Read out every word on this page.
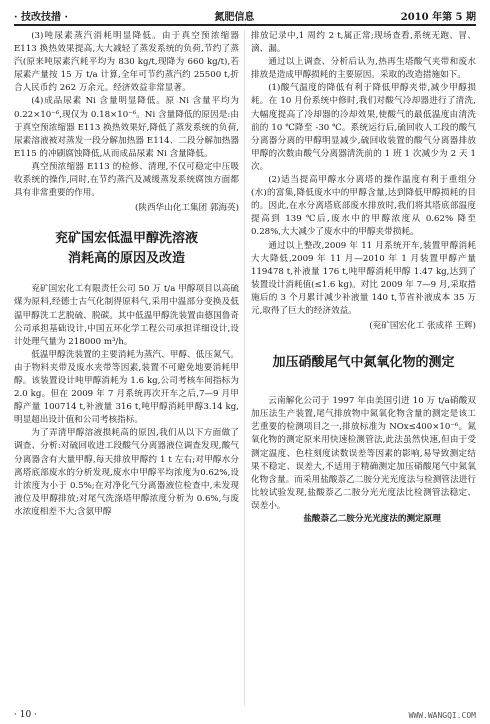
· 技改技措 ·	氮肥信息	2010 年第 5 期

(3)吨尿素蒸汽消耗明显降低。由于真空预浓缩器 E113 换热效果提高,大大减轻了蒸发系统的负荷,节约了蒸汽(原来吨尿素汽耗平均为 830 kg/t,现降为 660 kg/t),若尿素产量按 15 万 t/a 计算,全年可节约蒸汽约 25500 t,折合人民币约 262 万余元。经济效益非常显著。

(4)成品尿素 Ni 含量明显降低。原 Ni 含量平均为 0.22×10⁻⁶,现仅为 0.18×10⁻⁶。Ni 含量降低的原因是:由于真空预浓缩器 E113 换热效果好,降低了蒸发系统的负荷,尿素溶液被对蒸发一段分解加热器 E114、二段分解加热器 E115 的冲刷腐蚀降低,从而成品尿素 Ni 含量降低。

真空预浓缩器 E113 的检修、清理,不仅可稳定中压吸收系统的操作,同时,在节约蒸汽及减缓蒸发系统腐蚀方面都具有非常重要的作用。

(陕西华山化工集团 郭海英)
兖矿国宏低温甲醇洗溶液
消耗高的原因及改造

兖矿国宏化工有限责任公司 50 万 t/a 甲醇项目以高硫煤为原料,经德士古气化制得原料气,采用中温部分变换及低温甲醇洗工艺脱硫、脱碳。其中低温甲醇洗装置由德国鲁奇公司承担基础设计,中国五环化学工程公司承担详细设计,设计处理气量为 218000 m³/h。

低温甲醇洗装置的主要消耗为蒸汽、甲醇、低压氮气。由于物料夹带及废水夹带等因素,装置不可避免地要消耗甲醇。该装置设计吨甲醇消耗为 1.6 kg,公司考核车间指标为 2.0 kg。但在 2009 年 7 月系统再次开车之后,7—9 月甲醇产量 100714 t,补液量 316 t,吨甲醇消耗甲醇3.14 kg,明显超出设计值和公司考核指标。

为了弄清甲醇溶液损耗高的原因,我们从以下方面做了调查、分析:对硫回收进工段酸气分离器液位调查发现,酸气分离器含有大量甲醇,每天排放甲醇约 1 t 左右;对甲醇水分离塔底部废水的分析发现,废水中甲醇平均浓度为0.62%,设计浓度为小于 0.5%;在对净化气分离器液位检查中,未发现液位及甲醇排放;对尾气洗涤塔甲醇浓度分析为 0.6%,与废水浓度相差不大;含氨甲醇

排放记录中,1 周约 2 t,属正常;现场查看,系统无跑、冒、滴、漏。

通过以上调查、分析后认为,热再生塔酸气夹带和废水排放是造成甲醇损耗的主要原因。采取的改造措施如下。

(1)酸气温度的降低有利于降低甲醇夹带,减少甲醇损耗。在 10 月份系统中修时,我们对酸气冷却器进行了清洗,大幅度提高了冷却器的冷却效果,使酸气的最低温度由清洗前的 10 ℃降至 -30 ℃。系统运行后,硫回收人工段的酸气分离器分离的甲醇明显减少,硫回收装置的酸气分离器排放甲醇的次数由酸气分离器清洗前的 1 班 1 次减少为 2 天 1 次。

(2)适当提高甲醇水分离塔的操作温度有利于重组分(水)的富集,降低废水中的甲醇含量,达到降低甲醇损耗的目的。因此,在水分离塔底部废水排放时,我们将其塔底部温度提高到 139 ℃后,废水中的甲醇浓度从 0.62% 降至 0.28%,大大减少了废水中的甲醇夹带损耗。

通过以上整改,2009 年 11 月系统开车,装置甲醇消耗大大降低,2009 年 11 月—2010 年 1 月装置甲醇产量 119478 t,补液量 176 t,吨甲醇消耗甲醇 1.47 kg,达到了装置设计消耗值(≤1.6 kg)。对比 2009 年 7—9 月,采取措施后的 3 个月累计减少补液量 140 t,节省补液成本 35 万元,取得了巨大的经济效益。

(兖矿国宏化工 张成祥 王辉)
加压硝酸尾气中氮氧化物的测定

云南解化公司于 1997 年由美国引进 10 万 t/a硝酸双加压法生产装置,尾气排放物中氮氧化物含量的测定是该工艺重要的检测项目之一,排放标准为 NOx≤400×10⁻⁶。氮氧化物的测定原来用快速检测管法,此法虽然快速,但由于受测定温度、色柱刻度读数误差等因素的影响,易导致测定结果不稳定、误差大,不适用于精确测定加压硝酸尾气中氮氧化物含量。而采用盐酸萘乙二胺分光光度法与检测管法进行比较试验发现,盐酸萘乙二胺分光光度法比检测管法稳定、误差小。

盐酸萘乙二胺分光光度法的测定原理

· 10 ·	WWW.WANGQI.COM
